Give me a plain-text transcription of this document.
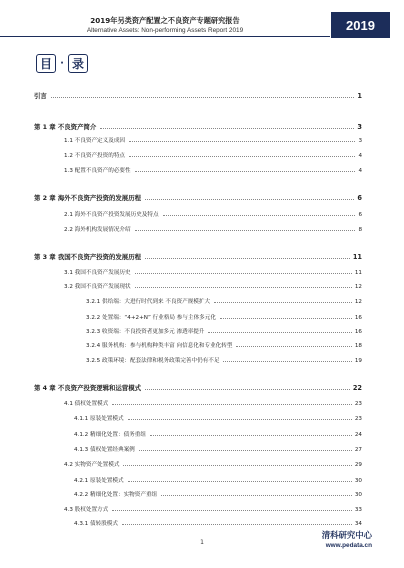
2019年另类资产配置之不良资产专题研究报告
Alternative Assets: Non-performing Assets Report 2019	2019
目 · 录
引言	1
第 1 章 不良资产简介	3
1.1 不良资产定义及成因	3
1.2 不良资产投资的特点	4
1.3 配置不良资产的必要性	4
第 2 章 海外不良资产投资的发展历程	6
2.1 海外不良资产投资发展历史及特点	6
2.2 海外机构发展情况介绍	8
第 3 章 我国不良资产投资的发展历程	11
3.1 我国不良资产发展历史	11
3.2 我国不良资产发展现状	12
3.2.1 供给端：大进行时代到来 不良资产规模扩大	12
3.2.2 处置端：“4+2+N” 行业格局 参与主体多元化	16
3.2.3 收资端：不良投资者更加多元 渗透率提升	16
3.2.4 服务机构：参与机构种类丰富 向信息化和专业化转型	18
3.2.5 政策环境：配套法律和税务政策完善中仍有不足	19
第 4 章 不良资产投资逻辑和运营模式	22
4.1 债权处置模式	23
4.1.1 原装处置模式	23
4.1.2 精细化处置：债务重组	24
4.1.3 债权处置经典案例	27
4.2 实物资产处置模式	29
4.2.1 原装处置模式	30
4.2.2 精细化处置：实物资产重组	30
4.3 股权处置方式	33
4.3.1 债转股模式	34
1
清科研究中心
www.pedata.cn
